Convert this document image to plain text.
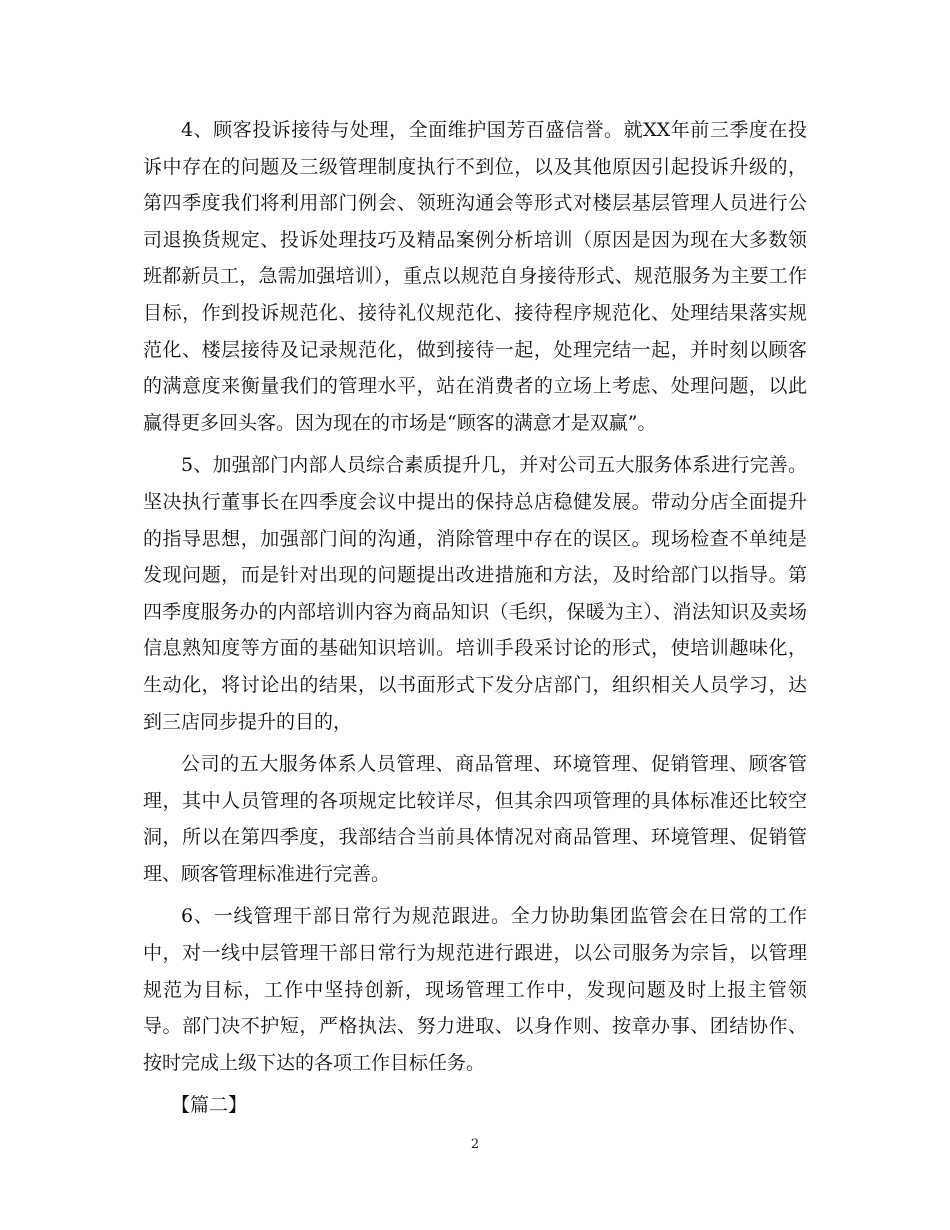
4、顾客投诉接待与处理，全面维护国芳百盛信誉。就XX年前三季度在投诉中存在的问题及三级管理制度执行不到位，以及其他原因引起投诉升级的，第四季度我们将利用部门例会、领班沟通会等形式对楼层基层管理人员进行公司退换货规定、投诉处理技巧及精品案例分析培训（原因是因为现在大多数领班都新员工，急需加强培训），重点以规范自身接待形式、规范服务为主要工作目标，作到投诉规范化、接待礼仪规范化、接待程序规范化、处理结果落实规范化、楼层接待及记录规范化，做到接待一起，处理完结一起，并时刻以顾客的满意度来衡量我们的管理水平，站在消费者的立场上考虑、处理问题，以此赢得更多回头客。因为现在的市场是“顾客的满意才是双赢”。

5、加强部门内部人员综合素质提升几，并对公司五大服务体系进行完善。坚决执行董事长在四季度会议中提出的保持总店稳健发展。带动分店全面提升的指导思想，加强部门间的沟通，消除管理中存在的误区。现场检查不单纯是发现问题，而是针对出现的问题提出改进措施和方法，及时给部门以指导。第四季度服务办的内部培训内容为商品知识（毛织，保暖为主）、消法知识及卖场信息熟知度等方面的基础知识培训。培训手段采讨论的形式，使培训趣味化，生动化，将讨论出的结果，以书面形式下发分店部门，组织相关人员学习，达到三店同步提升的目的，

公司的五大服务体系人员管理、商品管理、环境管理、促销管理、顾客管理，其中人员管理的各项规定比较详尽，但其余四项管理的具体标准还比较空洞，所以在第四季度，我部结合当前具体情况对商品管理、环境管理、促销管理、顾客管理标准进行完善。

6、一线管理干部日常行为规范跟进。全力协助集团监管会在日常的工作中，对一线中层管理干部日常行为规范进行跟进，以公司服务为宗旨，以管理规范为目标，工作中坚持创新，现场管理工作中，发现问题及时上报主管领导。部门决不护短，严格执法、努力进取、以身作则、按章办事、团结协作、按时完成上级下达的各项工作目标任务。

【篇二】

2
